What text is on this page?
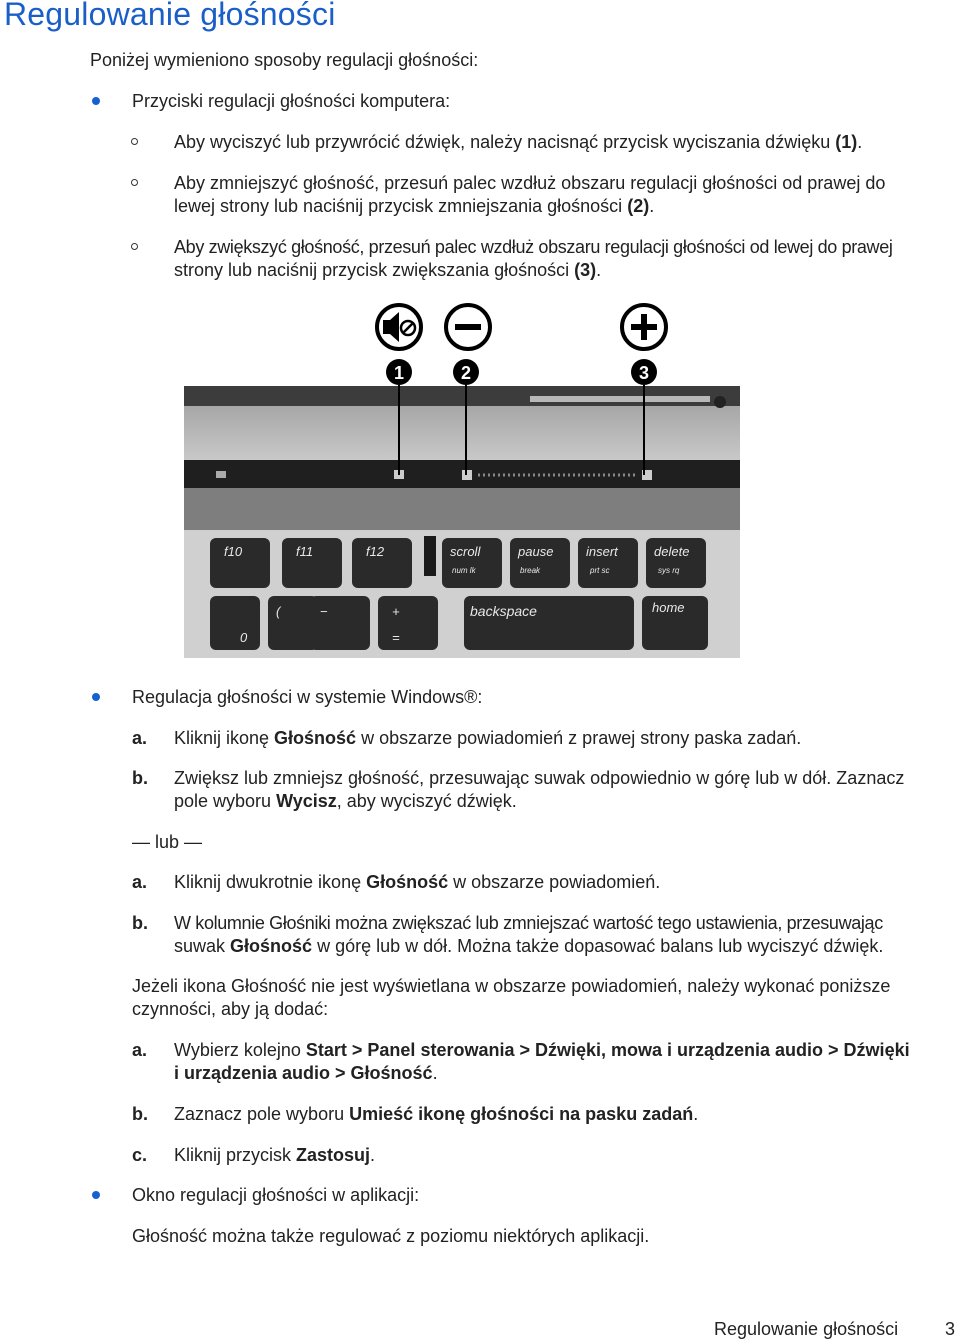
Regulowanie głośności
Poniżej wymieniono sposoby regulacji głośności:
Przyciski regulacji głośności komputera:
Aby wyciszyć lub przywrócić dźwięk, należy nacisnąć przycisk wyciszania dźwięku (1).
Aby zmniejszyć głośność, przesuń palec wzdłuż obszaru regulacji głośności od prawej do
lewej strony lub naciśnij przycisk zmniejszania głośności (2).
Aby zwiększyć głośność, przesuń palec wzdłuż obszaru regulacji głośności od lewej do prawej
strony lub naciśnij przycisk zwiększania głośności (3).
1	2	3
f10	f11	f12	scroll
num lk
pause
break
insert
prt sc
delete
sys rq
backspace	home
(
0
−	+
=
Regulacja głośności w systemie Windows®:
a. Kliknij ikonę Głośność w obszarze powiadomień z prawej strony paska zadań.
b. Zwiększ lub zmniejsz głośność, przesuwając suwak odpowiednio w górę lub w dół. Zaznacz
pole wyboru Wycisz, aby wyciszyć dźwięk.
— lub —
a. Kliknij dwukrotnie ikonę Głośność w obszarze powiadomień.
b. W kolumnie Głośniki można zwiększać lub zmniejszać wartość tego ustawienia, przesuwając
suwak Głośność w górę lub w dół. Można także dopasować balans lub wyciszyć dźwięk.
Jeżeli ikona Głośność nie jest wyświetlana w obszarze powiadomień, należy wykonać poniższe
czynności, aby ją dodać:
a. Wybierz kolejno Start > Panel sterowania > Dźwięki, mowa i urządzenia audio > Dźwięki
i urządzenia audio > Głośność.
b. Zaznacz pole wyboru Umieść ikonę głośności na pasku zadań.
c. Kliknij przycisk Zastosuj.
Okno regulacji głośności w aplikacji:
Głośność można także regulować z poziomu niektórych aplikacji.
Regulowanie głośności	3
